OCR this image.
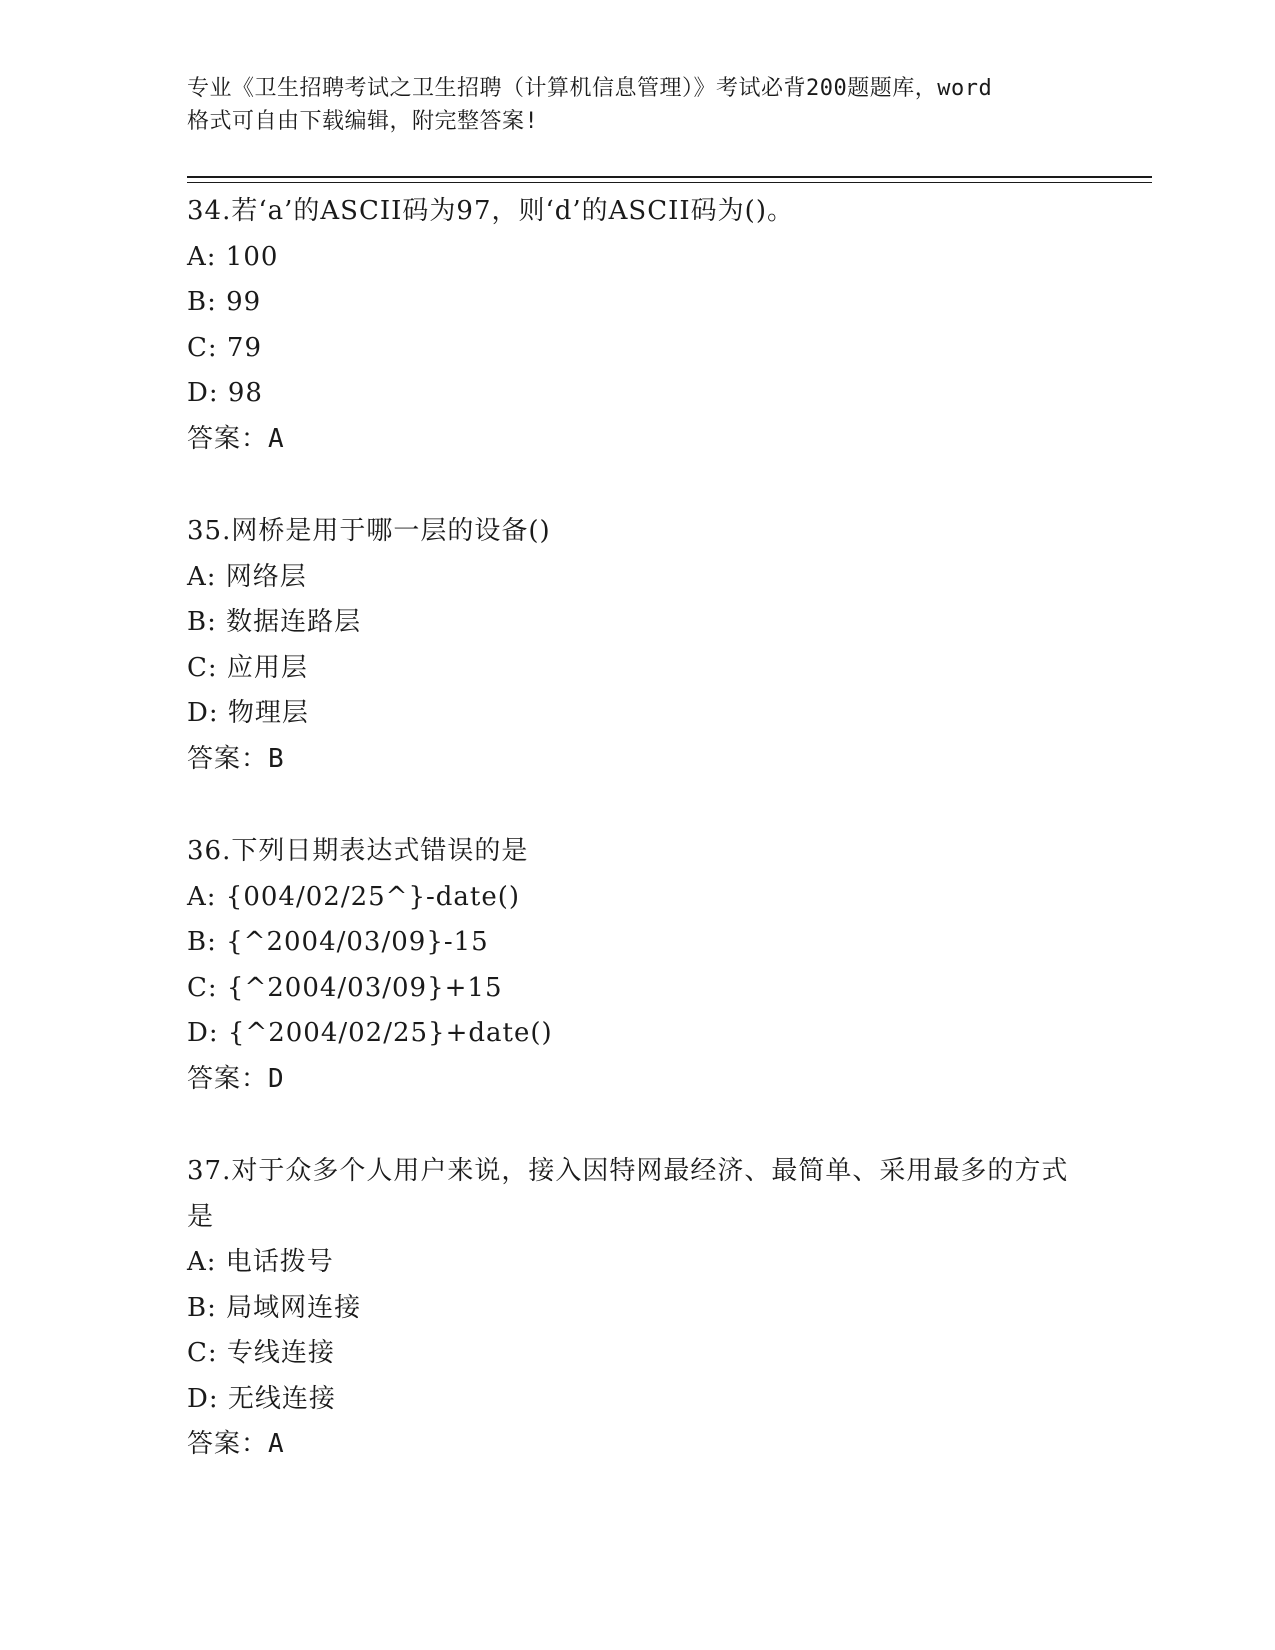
专业《卫生招聘考试之卫生招聘（计算机信息管理）》考试必背200题题库，word
格式可自由下载编辑，附完整答案!
34.若‘a’的ASCII码为97，则‘d’的ASCII码为()。
A: 100
B: 99
C: 79
D: 98
答案：A
35.网桥是用于哪一层的设备()
A: 网络层
B: 数据连路层
C: 应用层
D: 物理层
答案：B
36.下列日期表达式错误的是
A: {004/02/25^}-date()
B: {^2004/03/09}-15
C: {^2004/03/09}+15
D: {^2004/02/25}+date()
答案：D
37.对于众多个人用户来说，接入因特网最经济、最简单、采用最多的方式是
A: 电话拨号
B: 局域网连接
C: 专线连接
D: 无线连接
答案：A
